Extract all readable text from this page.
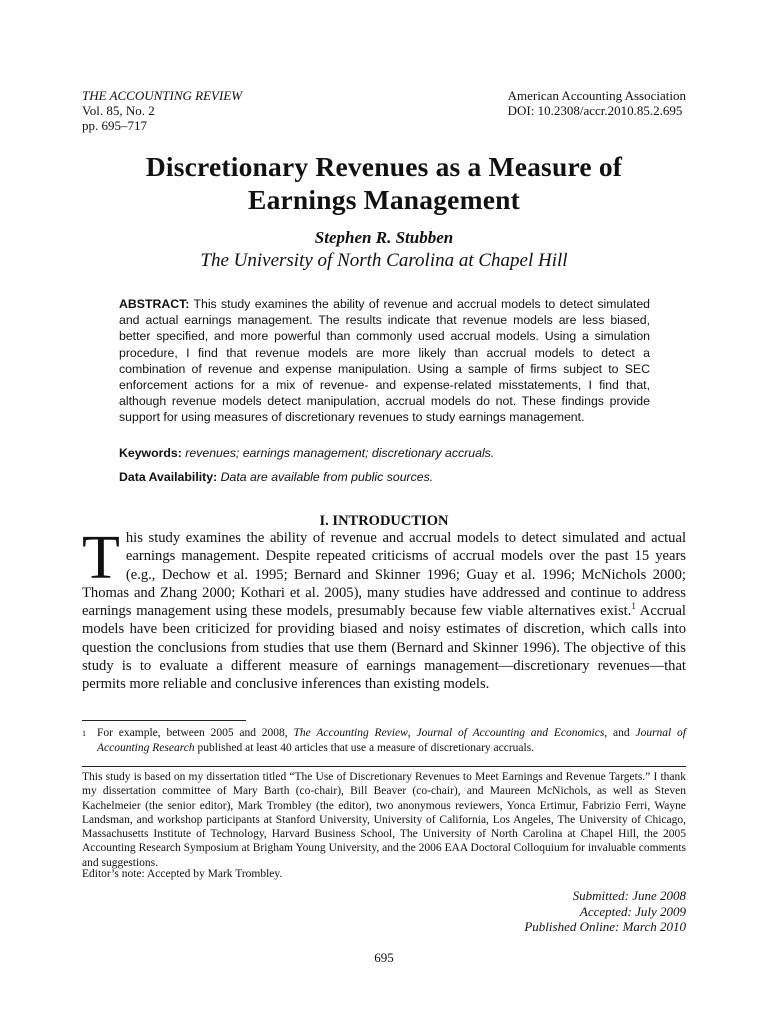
THE ACCOUNTING REVIEW
Vol. 85, No. 2
pp. 695–717
American Accounting Association
DOI: 10.2308/accr.2010.85.2.695
Discretionary Revenues as a Measure of
Earnings Management
Stephen R. Stubben
The University of North Carolina at Chapel Hill
ABSTRACT: This study examines the ability of revenue and accrual models to detect simulated and actual earnings management. The results indicate that revenue models are less biased, better specified, and more powerful than commonly used accrual models. Using a simulation procedure, I find that revenue models are more likely than accrual models to detect a combination of revenue and expense manipulation. Using a sample of firms subject to SEC enforcement actions for a mix of revenue- and expense-related misstatements, I find that, although revenue models detect manipulation, accrual models do not. These findings provide support for using measures of discretionary revenues to study earnings management.
Keywords: revenues; earnings management; discretionary accruals.
Data Availability: Data are available from public sources.
I. INTRODUCTION
This study examines the ability of revenue and accrual models to detect simulated and actual earnings management. Despite repeated criticisms of accrual models over the past 15 years (e.g., Dechow et al. 1995; Bernard and Skinner 1996; Guay et al. 1996; McNichols 2000; Thomas and Zhang 2000; Kothari et al. 2005), many studies have addressed and continue to address earnings management using these models, presumably because few viable alternatives exist.$^1$ Accrual models have been criticized for providing biased and noisy estimates of discretion, which calls into question the conclusions from studies that use them (Bernard and Skinner 1996). The objective of this study is to evaluate a different measure of earnings management—discretionary revenues—that permits more reliable and conclusive inferences than existing models.
1 For example, between 2005 and 2008, The Accounting Review, Journal of Accounting and Economics, and Journal of Accounting Research published at least 40 articles that use a measure of discretionary accruals.
This study is based on my dissertation titled “The Use of Discretionary Revenues to Meet Earnings and Revenue Targets.” I thank my dissertation committee of Mary Barth (co-chair), Bill Beaver (co-chair), and Maureen McNichols, as well as Steven Kachelmeier (the senior editor), Mark Trombley (the editor), two anonymous reviewers, Yonca Ertimur, Fabrizio Ferri, Wayne Landsman, and workshop participants at Stanford University, University of California, Los Angeles, The University of Chicago, Massachusetts Institute of Technology, Harvard Business School, The University of North Carolina at Chapel Hill, the 2005 Accounting Research Symposium at Brigham Young University, and the 2006 EAA Doctoral Colloquium for invaluable comments and suggestions.
Editor’s note: Accepted by Mark Trombley.
Submitted: June 2008
Accepted: July 2009
Published Online: March 2010
695
